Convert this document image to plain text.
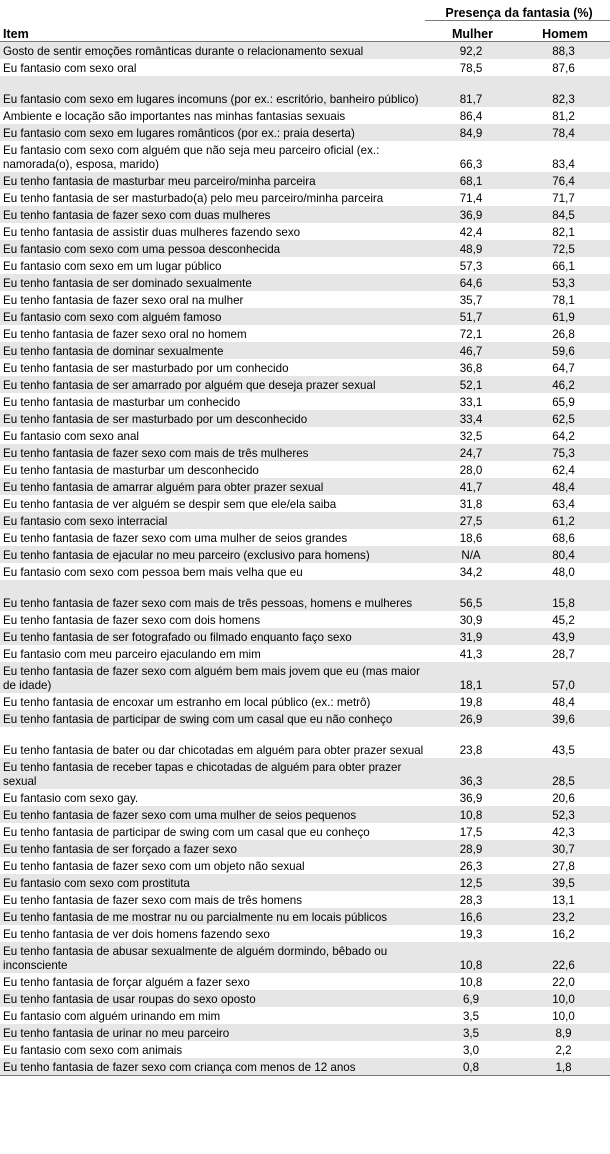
	Presença da fantasia (%)	
Item	Mulher	Homem
Gosto de sentir emoções românticas durante o relacionamento sexual	92,2	88,3
Eu fantasio com sexo oral	78,5	87,6
Eu fantasio com sexo em lugares incomuns (por ex.: escritório, banheiro público)	81,7	82,3
Ambiente e locação são importantes nas minhas fantasias sexuais	86,4	81,2
Eu fantasio com sexo em lugares românticos (por ex.: praia deserta)	84,9	78,4
Eu fantasio com sexo com alguém que não seja meu parceiro oficial (ex.: namorada(o), esposa, marido)	66,3	83,4
Eu tenho fantasia de masturbar meu parceiro/minha parceira	68,1	76,4
Eu tenho fantasia de ser masturbado(a) pelo meu parceiro/minha parceira	71,4	71,7
Eu tenho fantasia de fazer sexo com duas mulheres	36,9	84,5
Eu tenho fantasia de assistir duas mulheres fazendo sexo	42,4	82,1
Eu fantasio com sexo com uma pessoa desconhecida	48,9	72,5
Eu fantasio com sexo em um lugar público	57,3	66,1
Eu tenho fantasia de ser dominado sexualmente	64,6	53,3
Eu tenho fantasia de fazer sexo oral na mulher	35,7	78,1
Eu fantasio com sexo com alguém famoso	51,7	61,9
Eu tenho fantasia de fazer sexo oral no homem	72,1	26,8
Eu tenho fantasia de dominar sexualmente	46,7	59,6
Eu tenho fantasia de ser masturbado por um conhecido	36,8	64,7
Eu tenho fantasia de ser amarrado por alguém que deseja prazer sexual	52,1	46,2
Eu tenho fantasia de masturbar um conhecido	33,1	65,9
Eu tenho fantasia de ser masturbado por um desconhecido	33,4	62,5
Eu fantasio com sexo anal	32,5	64,2
Eu tenho fantasia de fazer sexo com mais de três mulheres	24,7	75,3
Eu tenho fantasia de masturbar um desconhecido	28,0	62,4
Eu tenho fantasia de amarrar alguém para obter prazer sexual	41,7	48,4
Eu tenho fantasia de ver alguém se despir sem que ele/ela saiba	31,8	63,4
Eu fantasio com sexo interracial	27,5	61,2
Eu tenho fantasia de fazer sexo com uma mulher de seios grandes	18,6	68,6
Eu tenho fantasia de ejacular no meu parceiro (exclusivo para homens)	N/A	80,4
Eu fantasio com sexo com pessoa bem mais velha que eu	34,2	48,0
Eu tenho fantasia de fazer sexo com mais de três pessoas, homens e mulheres	56,5	15,8
Eu tenho fantasia de fazer sexo com dois homens	30,9	45,2
Eu tenho fantasia de ser fotografado ou filmado enquanto faço sexo	31,9	43,9
Eu fantasio com meu parceiro ejaculando em mim	41,3	28,7
Eu tenho fantasia de fazer sexo com alguém bem mais jovem que eu (mas maior de idade)	18,1	57,0
Eu tenho fantasia de encoxar um estranho em local público (ex.: metrô)	19,8	48,4
Eu tenho fantasia de participar de swing com um casal que eu não conheço	26,9	39,6
Eu tenho fantasia de bater ou dar chicotadas em alguém para obter prazer sexual	23,8	43,5
Eu tenho fantasia de receber tapas e chicotadas de alguém para obter prazer sexual	36,3	28,5
Eu fantasio com sexo gay.	36,9	20,6
Eu tenho fantasia de fazer sexo com uma mulher de seios pequenos	10,8	52,3
Eu tenho fantasia de participar de swing com um casal que eu conheço	17,5	42,3
Eu tenho fantasia de ser forçado a fazer sexo	28,9	30,7
Eu tenho fantasia de fazer sexo com um objeto não sexual	26,3	27,8
Eu fantasio com sexo com prostituta	12,5	39,5
Eu tenho fantasia de fazer sexo com mais de três homens	28,3	13,1
Eu tenho fantasia de me mostrar nu ou parcialmente nu em locais públicos	16,6	23,2
Eu tenho fantasia de ver dois homens fazendo sexo	19,3	16,2
Eu tenho fantasia de abusar sexualmente de alguém dormindo, bêbado ou inconsciente	10,8	22,6
Eu tenho fantasia de forçar alguém a fazer sexo	10,8	22,0
Eu tenho fantasia de usar roupas do sexo oposto	6,9	10,0
Eu fantasio com alguém urinando em mim	3,5	10,0
Eu tenho fantasia de urinar no meu parceiro	3,5	8,9
Eu fantasio com sexo com animais	3,0	2,2
Eu tenho fantasia de fazer sexo com criança com menos de 12 anos	0,8	1,8
